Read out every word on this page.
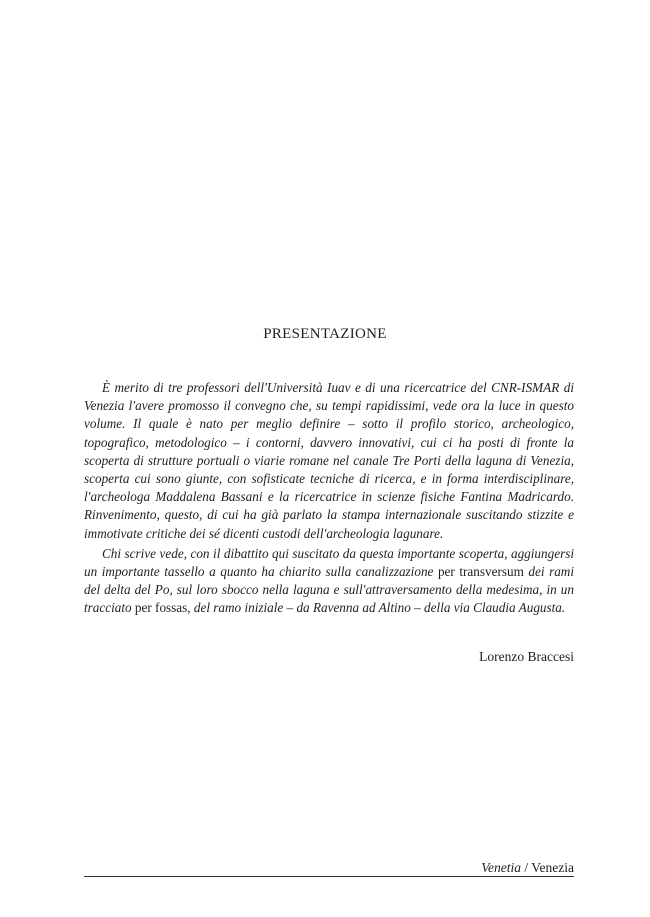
PRESENTAZIONE

È merito di tre professori dell'Università Iuav e di una ricercatrice del CNR-ISMAR di Venezia l'avere promosso il convegno che, su tempi rapidissimi, vede ora la luce in questo volume. Il quale è nato per meglio definire – sotto il profilo storico, archeologico, topografico, metodologico – i contorni, davvero innovativi, cui ci ha posti di fronte la scoperta di strutture portuali o viarie romane nel canale Tre Porti della laguna di Venezia, scoperta cui sono giunte, con sofisticate tecniche di ricerca, e in forma interdisciplinare, l'archeologa Maddalena Bassani e la ricercatrice in scienze fisiche Fantina Madricardo. Rinvenimento, questo, di cui ha già parlato la stampa internazionale suscitando stizzite e immotivate critiche dei sé dicenti custodi dell'archeologia lagunare.

Chi scrive vede, con il dibattito qui suscitato da questa importante scoperta, aggiungersi un importante tassello a quanto ha chiarito sulla canalizzazione per transversum dei rami del delta del Po, sul loro sbocco nella laguna e sull'attraversamento della medesima, in un tracciato per fossas, del ramo iniziale – da Ravenna ad Altino – della via Claudia Augusta.

Lorenzo Braccesi
Venetia / Venezia
